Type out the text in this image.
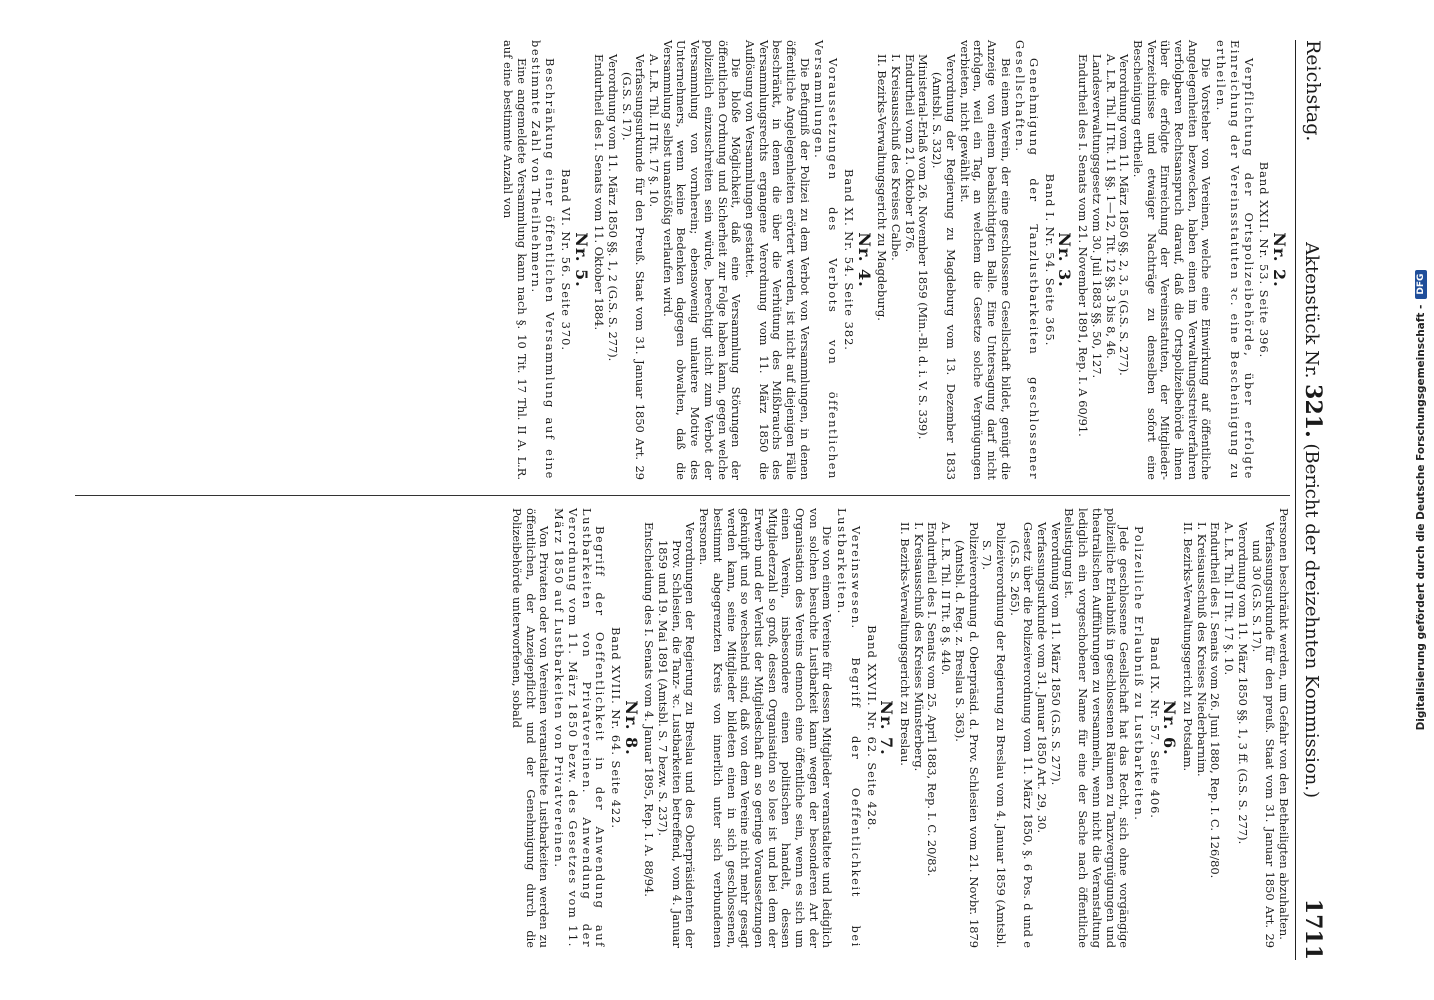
Digitalisierung gefördert durch die Deutsche Forschungsgemeinschaft -
DFG
Reichstag.
Aktenstück Nr. 321. (Bericht der dreizehnten Kommission.)
1711
Nr. 2.
Band XXII. Nr. 53. Seite 396.

Verpflichtung der Ortspolizeibehörde, über erfolgte Einreichung der Vereinsstatuten ꝛc. eine Bescheinigung zu ertheilen.

Die Vorsteher von Vereinen, welche eine Einwirkung auf öffentliche Angelegenheiten bezwecken, haben einen im Verwaltungsstreitverfahren verfolgbaren Rechtsanspruch darauf, daß die Ortspolizeibehörde ihnen über die erfolgte Einreichung der Vereinsstatuten, der Mitglieder-Verzeichnisse und etwaiger Nachträge zu denselben sofort eine Bescheinigung ertheile.

Verordnung vom 11. März 1850 §§. 2, 3, 5 (G.S. S. 277).

A. L.R. Thl. II Tit. 11 §§. 1—12, Tit. 12 §§. 3 bis 8, 46.

Landesverwaltungsgesetz vom 30. Juli 1883 §§. 50, 127.

Endurtheil des I. Senats vom 21. November 1891, Rep. I. A 60/91.

Nr. 3.
Band I. Nr. 54. Seite 365.

Genehmigung der Tanzlustbarkeiten geschlossener Gesellschaften.

Bei einem Verein, der eine geschlossene Gesellschaft bildet, genügt die Anzeige von einem beabsichtigten Balle. Eine Untersagung darf nicht erfolgen, weil ein Tag, an welchem die Gesetze solche Vergnügungen verbieten, nicht gewählt ist.

Verordnung der Regierung zu Magdeburg vom 13. Dezember 1833 (Amtsbl. S. 332).

Ministerial-Erlaß vom 26. November 1859 (Min.-Bl. d. i. V. S. 339).

Endurtheil vom 21. Oktober 1876.

I. Kreisausschuß des Kreises Calbe.

II. Bezirks-Verwaltungsgericht zu Magdeburg.

Nr. 4.
Band XI. Nr. 54. Seite 382.

Voraussetzungen des Verbots von öffentlichen Versammlungen.

Die Befugniß der Polizei zu dem Verbot von Versammlungen, in denen öffentliche Angelegenheiten erörtert werden, ist nicht auf diejenigen Fälle beschränkt, in denen die über die Verhütung des Mißbrauchs des Versammlungsrechts ergangene Verordnung vom 11. März 1850 die Auflösung von Versammlungen gestattet.

Die bloße Möglichkeit, daß eine Versammlung Störungen der öffentlichen Ordnung und Sicherheit zur Folge haben kann, gegen welche polizeilich einzuschreiten sein würde, berechtigt nicht zum Verbot der Versammlung von vornherein; ebensowenig unlautere Motive des Unternehmers, wenn keine Bedenken dagegen obwalten, daß die Versammlung selbst unanstößig verlaufen wird.

A. L.R. Thl. II Tit. 17 §. 10.

Verfassungsurkunde für den Preuß. Staat vom 31. Januar 1850 Art. 29 (G.S. S. 17).

Verordnung vom 11. März 1850 §§. 1, 2 (G.S. S. 277).

Endurtheil des I. Senats vom 11. Oktober 1884.

Nr. 5.
Band VI. Nr. 56. Seite 370.

Beschränkung einer öffentlichen Versammlung auf eine bestimmte Zahl von Theilnehmern.

Eine angemeldete Versammlung kann nach §. 10 Tit. 17 Thl. II A. L.R. auf eine bestimmte Anzahl von

Personen beschränkt werden, um Gefahr von den Betheiligten abzuhalten.

Verfassungsurkunde für den preuß. Staat vom 31. Januar 1850 Art. 29 und 30 (G.S. S. 17).

Verordnung vom 11. März 1850 §§. 1, 3 ff. (G.S. S. 277).

A. L.R. Thl. II Tit. 17 §. 10.

Endurtheil des I. Senats vom 26. Juni 1880, Rep. I. C. 126/80.

I. Kreisausschuß des Kreises Niederbarnim.

II. Bezirks-Verwaltungsgericht zu Potsdam.

Nr. 6.
Band IX. Nr. 57. Seite 406.

Polizeiliche Erlaubniß zu Lustbarkeiten.

Jede geschlossene Gesellschaft hat das Recht, sich ohne vorgängige polizeiliche Erlaubniß in geschlossenen Räumen zu Tanzvergnügungen und theatralischen Aufführungen zu versammeln, wenn nicht die Veranstaltung lediglich ein vorgeschobener Name für eine der Sache nach öffentliche Belustigung ist.

Verordnung vom 11. März 1850 (G.S. S. 277).

Verfassungsurkunde vom 31. Januar 1850 Art. 29, 30.

Gesetz über die Polizeiverordnung vom 11. März 1850, §. 6 Pos. d und e (G.S. S. 265).

Polizeiverordnung der Regierung zu Breslau vom 4. Januar 1859 (Amtsbl. S. 7).

Polizeiverordnung d. Oberpräsid. d. Prov. Schlesien vom 21. Novbr. 1879 (Amtsbl. d. Reg. z. Breslau S. 363).

A. L.R. Thl. II Tit. 8 §. 440.

Endurtheil des I. Senats vom 25. April 1883, Rep. I. C. 20/83.

I. Kreisausschuß des Kreises Münsterberg.

II. Bezirks-Verwaltungsgericht zu Breslau.

Nr. 7.
Band XXVII. Nr. 62. Seite 428.

Vereinswesen. Begriff der Oeffentlichkeit bei Lustbarkeiten.

Die von einem Vereine für dessen Mitglieder veranstaltete und lediglich von solchen besuchte Lustbarkeit kann wegen der besonderen Art der Organisation des Vereins dennoch eine öffentliche sein, wenn es sich um einen Verein, insbesondere einen politischen handelt, dessen Mitgliederzahl so groß, dessen Organisation so lose ist und bei dem der Erwerb und der Verlust der Mitgliedschaft an so geringe Voraussetzungen geknüpft und so wechselnd sind, daß von dem Vereine nicht mehr gesagt werden kann, seine Mitglieder bildeten einen in sich geschlossenen, bestimmt abgegrenzten Kreis von innerlich unter sich verbundenen Personen.

Verordnungen der Regierung zu Breslau und des Oberpräsidenten der Prov. Schlesien, die Tanz- ꝛc. Lustbarkeiten betreffend, vom 4. Januar 1859 und 19. Mai 1891 (Amtsbl. S. 7 bezw. S. 237).

Entscheidung des I. Senats vom 4. Januar 1895, Rep. I. A. 88/94.

Nr. 8.
Band XVIII. Nr. 64. Seite 422.

Begriff der Oeffentlichkeit in der Anwendung auf Lustbarkeiten von Privatvereinen. Anwendung der Verordnung vom 11. März 1850 bezw. des Gesetzes vom 11. März 1850 auf Lustbarkeiten von Privatvereinen.

Von Privaten oder von Vereinen veranstaltete Lustbarkeiten werden zu öffentlichen, der Anzeigepflicht und der Genehmigung durch die Polizeibehörde unterworfenen, sobald
